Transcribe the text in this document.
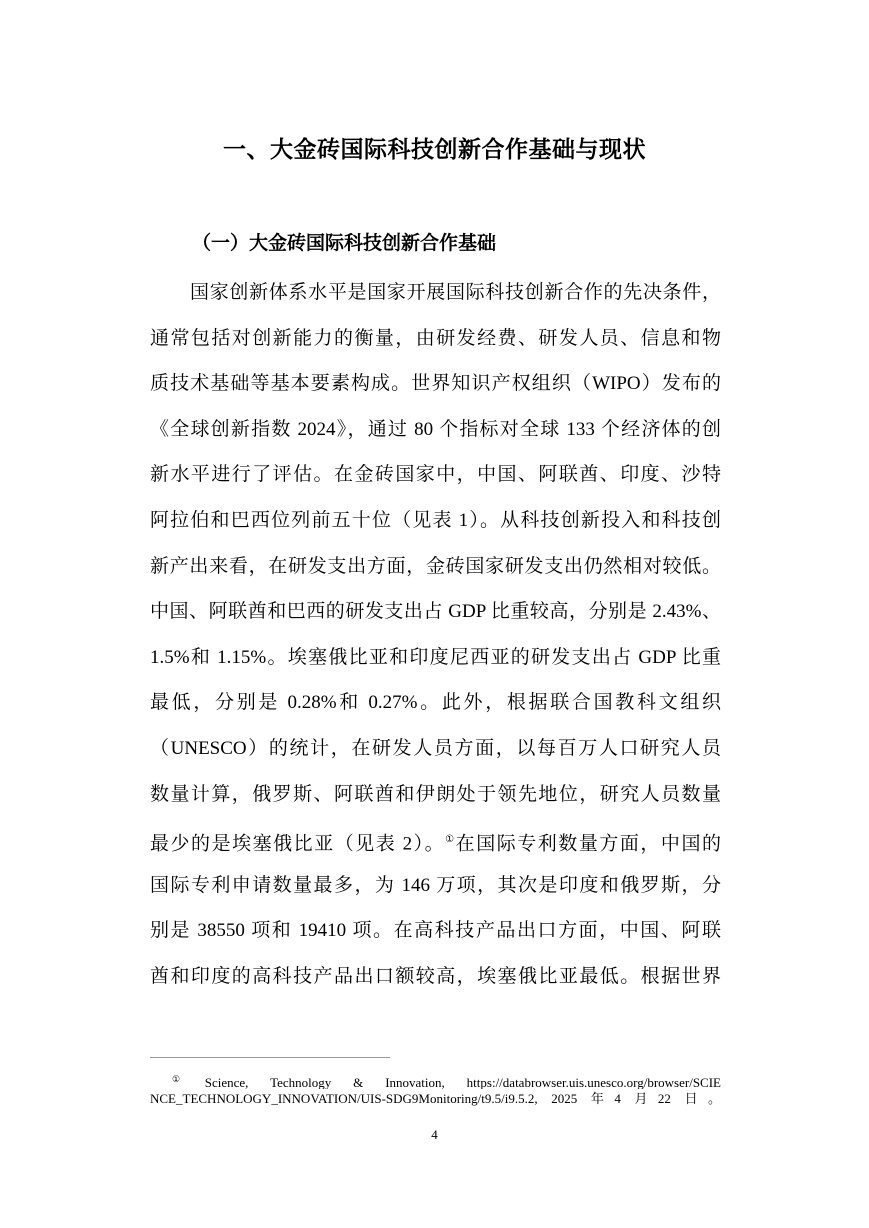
一、大金砖国际科技创新合作基础与现状
（一）大金砖国际科技创新合作基础
国家创新体系水平是国家开展国际科技创新合作的先决条件，
通常包括对创新能力的衡量，由研发经费、研发人员、信息和物
质技术基础等基本要素构成。世界知识产权组织（WIPO）发布的
《全球创新指数 2024》，通过 80 个指标对全球 133 个经济体的创
新水平进行了评估。在金砖国家中，中国、阿联酋、印度、沙特
阿拉伯和巴西位列前五十位（见表 1）。从科技创新投入和科技创
新产出来看，在研发支出方面，金砖国家研发支出仍然相对较低。
中国、阿联酋和巴西的研发支出占 GDP 比重较高，分别是 2.43%、
1.5%和 1.15%。埃塞俄比亚和印度尼西亚的研发支出占 GDP 比重
最低，分别是 0.28%和 0.27%。此外，根据联合国教科文组织
（UNESCO）的统计，在研发人员方面，以每百万人口研究人员
数量计算，俄罗斯、阿联酋和伊朗处于领先地位，研究人员数量
最少的是埃塞俄比亚（见表 2）。①在国际专利数量方面，中国的
国际专利申请数量最多，为 146 万项，其次是印度和俄罗斯，分
别是 38550 项和 19410 项。在高科技产品出口方面，中国、阿联
酋和印度的高科技产品出口额较高，埃塞俄比亚最低。根据世界
① Science, Technology & Innovation, https://databrowser.uis.unesco.org/browser/SCIE
NCE_TECHNOLOGY_INNOVATION/UIS-SDG9Monitoring/t9.5/i9.5.2, 2025 年4 月22 日。
4
